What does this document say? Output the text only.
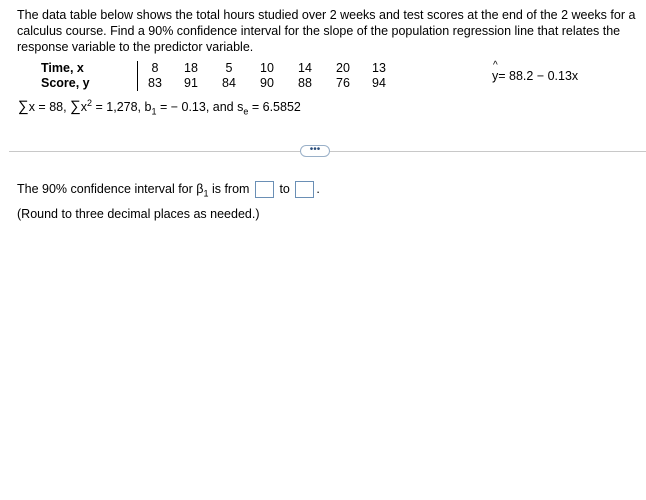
The data table below shows the total hours studied over 2 weeks and test scores at the end of the 2 weeks for a calculus course. Find a 90% confidence interval for the slope of the population regression line that relates the response variable to the predictor variable.
Time, x	8	18	5	10	14	20	13
Score, y	83	91	84	90	88	76	94	^ y= 88.2 − 0.13x
∑x = 88, $\sum x^2 = 1,278$, $b_1$ = − 0.13, and $s_e = 6.5852$
•••
The 90% confidence interval for $\beta_1$ is from to .
(Round to three decimal places as needed.)
